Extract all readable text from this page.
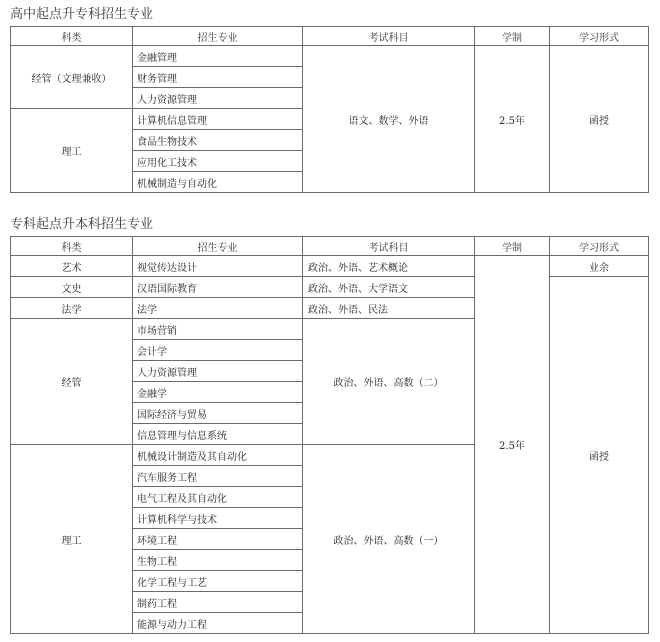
高中起点升专科招生专业
科类	招生专业	考试科目	学制	学习形式
经管（文理兼收）	金融管理	语文、数学、外语	2.5年	函授
	财务管理			
	人力资源管理			
理工	计算机信息管理			
	食品生物技术			
	应用化工技术			
	机械制造与自动化			
专科起点升本科招生专业
科类	招生专业	考试科目	学制	学习形式
艺术	视觉传达设计	政治、外语、艺术概论	2.5年	业余
文史	汉语国际教育	政治、外语、大学语文		函授
法学	法学	政治、外语、民法		
经管	市场营销	政治、外语、高数（二）		
	会计学			
	人力资源管理			
	金融学			
	国际经济与贸易			
	信息管理与信息系统			
理工	机械设计制造及其自动化	政治、外语、高数（一）		
	汽车服务工程			
	电气工程及其自动化			
	计算机科学与技术			
	环境工程			
	生物工程			
	化学工程与工艺			
	制药工程			
	能源与动力工程			
